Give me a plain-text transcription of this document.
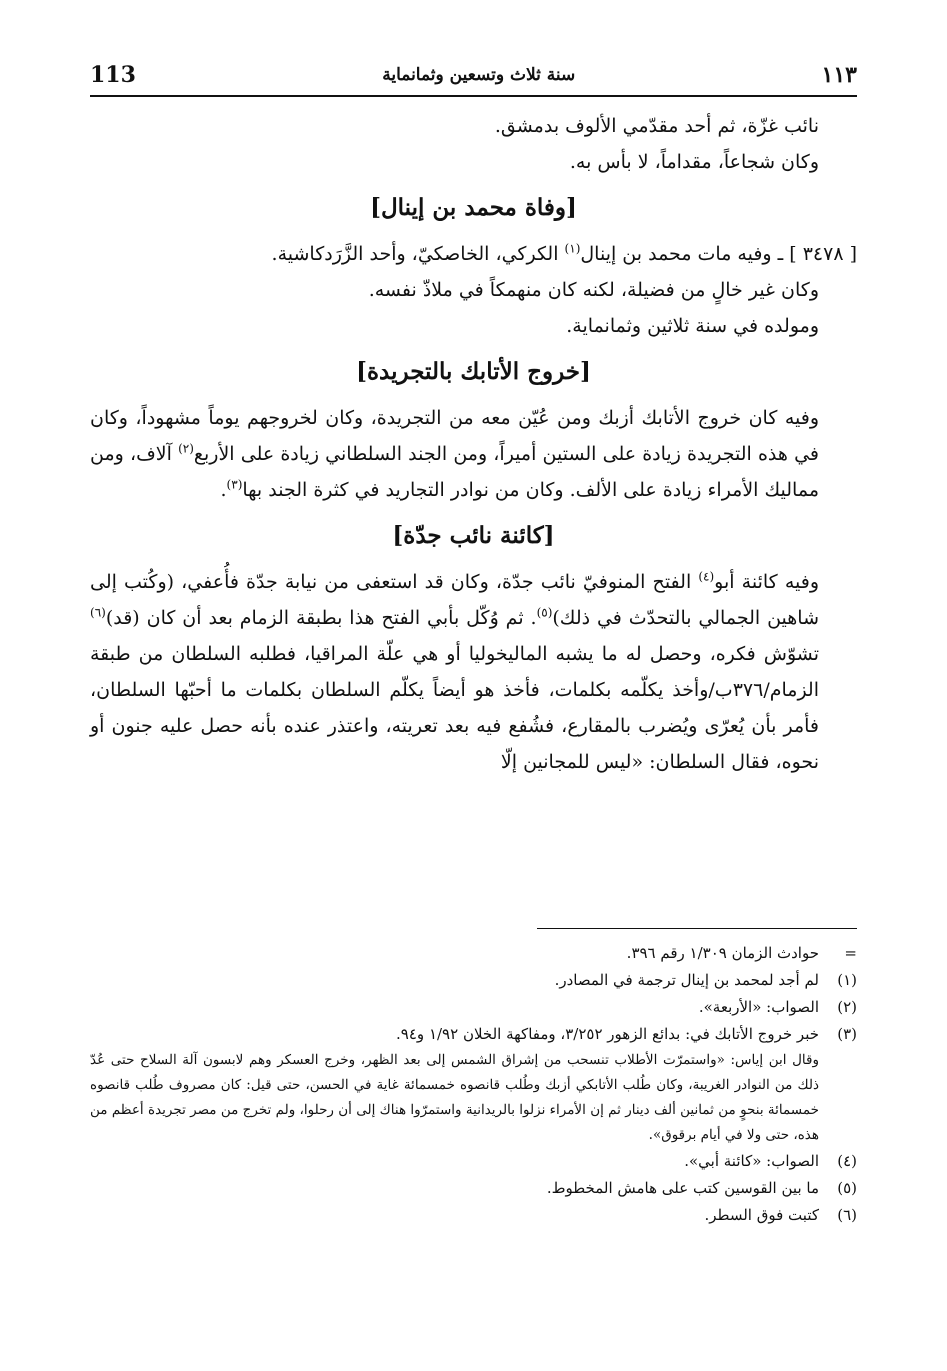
113	سنة ثلاث وتسعين وثمانماية	١١٣

نائب غزّة، ثم أحد مقدّمي الألوف بدمشق.

وكان شجاعاً، مقداماً، لا بأس به.

[وفاة محمد بن إينال]

[ ٣٤٧٨ ] ـ وفيه مات محمد بن إينال$^{(١)}$ الكركي، الخاصكيّ، وأحد الزَّرَدكاشية.

وكان غير خالٍ من فضيلة، لكنه كان منهمكاً في ملاذّ نفسه.

ومولده في سنة ثلاثين وثمانماية.

[خروج الأتابك بالتجريدة]

وفيه كان خروج الأتابك أزبك ومن عُيّن معه من التجريدة، وكان لخروجهم يوماً مشهوداً، وكان في هذه التجريدة زيادة على الستين أميراً، ومن الجند السلطاني زيادة على الأربع$^{(٢)}$ آلاف، ومن مماليك الأمراء زيادة على الألف. وكان من نوادر التجاريد في كثرة الجند بها$^{(٣)}$.

[كائنة نائب جدّة]

وفيه كائنة أبو$^{(٤)}$ الفتح المنوفيّ نائب جدّة، وكان قد استعفى من نيابة جدّة فأُعفي، (وكُتب إلى شاهين الجمالي بالتحدّث في ذلك)$^{(٥)}$. ثم وُكّل بأبي الفتح هذا بطبقة الزمام بعد أن كان (قد)$^{(٦)}$ تشوّش فكره، وحصل له ما يشبه الماليخوليا أو هي علّة المراقيا، فطلبه السلطان من طبقة الزمام/٣٧٦ب/وأخذ يكلّمه بكلمات، فأخذ هو أيضاً يكلّم السلطان بكلمات ما أحبّها السلطان، فأمر بأن يُعرّى ويُضرب بالمقارع، فشُفع فيه بعد تعريته، واعتذر عنده بأنه حصل عليه جنون أو نحوه، فقال السلطان: «ليس للمجانين إلّا

=
حوادث الزمان ١/٣٠٩ رقم ٣٩٦.
(١)
لم أجد لمحمد بن إينال ترجمة في المصادر.
(٢)
الصواب: «الأربعة».
(٣)
خبر خروج الأتابك في: بدائع الزهور ٣/٢٥٢، ومفاكهة الخلان ١/٩٢ و٩٤.
وقال ابن إياس: «واستمرّت الأطلاب تنسحب من إشراق الشمس إلى بعد الظهر، وخرج العسكر وهم لابسون آلة السلاح حتى عُدّ ذلك من النوادر الغريبة، وكان طُلب الأتابكي أزبك وطُلب قانصوه خمسمائة غاية في الحسن، حتى قيل: كان مصروف طُلب قانصوه خمسمائة بنحوٍ من ثمانين ألف دينار ثم إن الأمراء نزلوا بالريدانية واستمرّوا هناك إلى أن رحلوا، ولم تخرج من مصر تجريدة أعظم من هذه، حتى ولا في أيام برقوق».
(٤)
الصواب: «كائنة أبي».
(٥)
ما بين القوسين كتب على هامش المخطوط.
(٦)
كتبت فوق السطر.
